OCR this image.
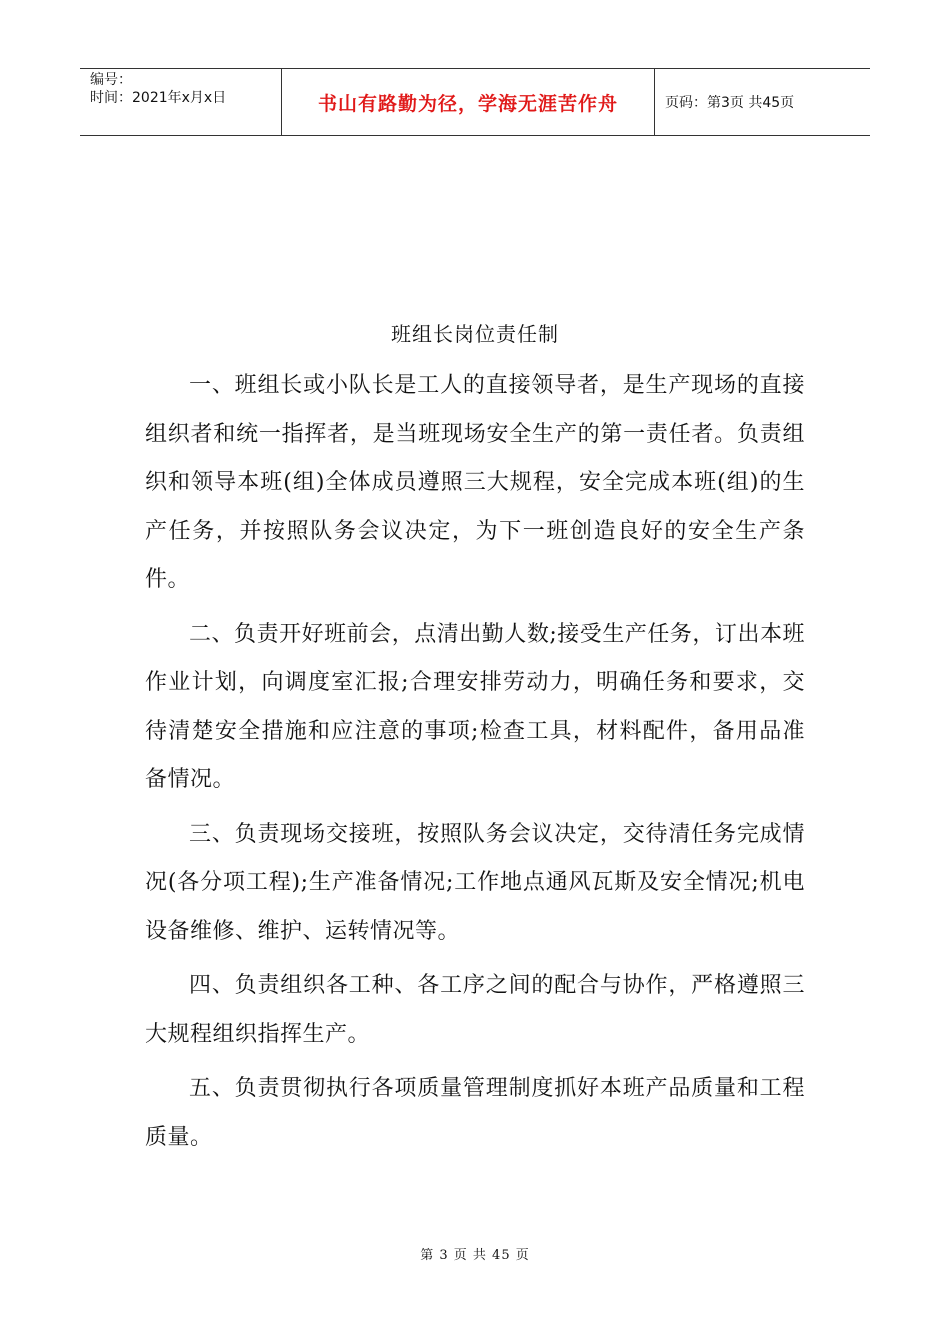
编号：
时间：2021年x月x日	书山有路勤为径，学海无涯苦作舟	页码：第3页 共45页
班组长岗位责任制

一、班组长或小队长是工人的直接领导者，是生产现场的直接组织者和统一指挥者，是当班现场安全生产的第一责任者。负责组织和领导本班(组)全体成员遵照三大规程，安全完成本班(组)的生产任务，并按照队务会议决定，为下一班创造良好的安全生产条件。

二、负责开好班前会，点清出勤人数;接受生产任务，订出本班作业计划，向调度室汇报;合理安排劳动力，明确任务和要求，交待清楚安全措施和应注意的事项;检查工具，材料配件，备用品准备情况。

三、负责现场交接班，按照队务会议决定，交待清任务完成情况(各分项工程);生产准备情况;工作地点通风瓦斯及安全情况;机电设备维修、维护、运转情况等。

四、负责组织各工种、各工序之间的配合与协作，严格遵照三大规程组织指挥生产。

五、负责贯彻执行各项质量管理制度抓好本班产品质量和工程质量。

第 3 页 共 45 页
